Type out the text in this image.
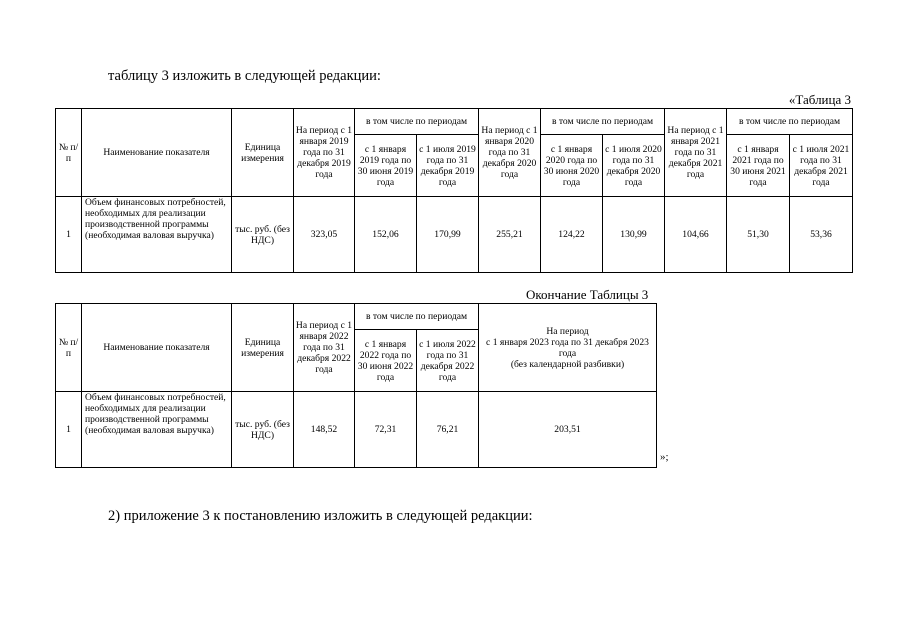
таблицу 3 изложить в следующей редакции:
«Таблица 3
№ п/п	Наименование показателя	Единица измерения	На период с 1 января 2019 года по 31 декабря 2019 года	в том числе по периодам		На период с 1 января 2020 года по 31 декабря 2020 года	в том числе по периодам		На период с 1 января 2021 года по 31 декабря 2021 года	в том числе по периодам	
				с 1 января 2019 года по 30 июня 2019 года	с 1 июля 2019 года по 31 декабря 2019 года		с 1 января 2020 года по 30 июня 2020 года	с 1 июля 2020 года по 31 декабря 2020 года		с 1 января 2021 года по 30 июня 2021 года	с 1 июля 2021 года по 31 декабря 2021 года
1	Объем финансовых потребностей, необходимых для реализации производственной программы (необходимая валовая выручка)	тыс. руб. (без НДС)	323,05	152,06	170,99	255,21	124,22	130,99	104,66	51,30	53,36
Окончание Таблицы 3
№ п/п	Наименование показателя	Единица измерения	На период с 1 января 2022 года по 31 декабря 2022 года	в том числе по периодам		На период
с 1 января 2023 года по 31 декабря 2023 года
(без календарной разбивки)

				с 1 января 2022 года по 30 июня 2022 года	с 1 июля 2022 года по 31 декабря 2022 года	
1	Объем финансовых потребностей, необходимых для реализации производственной программы (необходимая валовая выручка)	тыс. руб. (без НДС)	148,52	72,31	76,21	203,51
»;
2) приложение 3 к постановлению изложить в следующей редакции:
